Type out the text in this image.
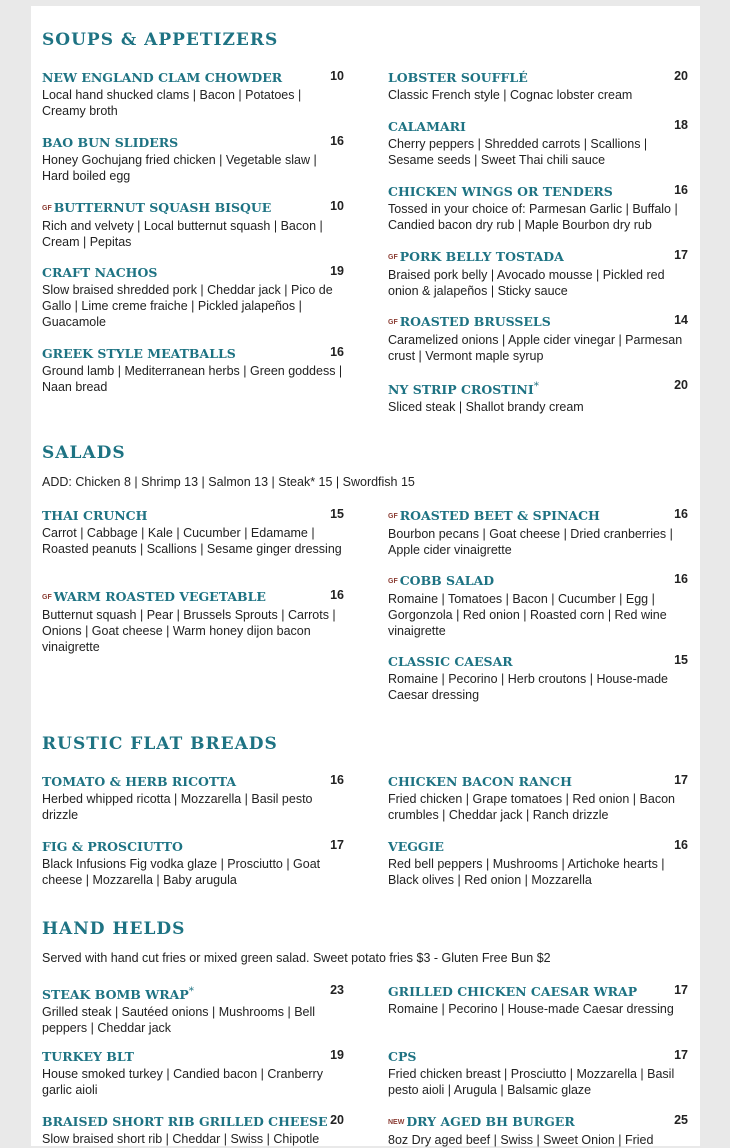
SOUPS & APPETIZERS
SALADS

ADD: Chicken 8 | Shrimp 13 | Salmon 13 | Steak* 15 | Swordfish 15

RUSTIC FLAT BREADS
HAND HELDS

Served with hand cut fries or mixed green salad. Sweet potato fries $3 - Gluten Free Bun $2

NEW ENGLAND CLAM CHOWDER	10
Local hand shucked clams | Bacon | Potatoes | Creamy broth
BAO BUN SLIDERS	16
Honey Gochujang fried chicken | Vegetable slaw | Hard boiled egg
GF BUTTERNUT SQUASH BISQUE	10
Rich and velvety | Local butternut squash | Bacon | Cream | Pepitas
CRAFT NACHOS	19
Slow braised shredded pork | Cheddar jack | Pico de Gallo | Lime creme fraiche | Pickled jalapeños | Guacamole
GREEK STYLE MEATBALLS	16
Ground lamb | Mediterranean herbs | Green goddess | Naan bread
LOBSTER SOUFFLÉ	20
Classic French style | Cognac lobster cream
CALAMARI	18
Cherry peppers | Shredded carrots | Scallions | Sesame seeds | Sweet Thai chili sauce
CHICKEN WINGS OR TENDERS	16
Tossed in your choice of: Parmesan Garlic | Buffalo | Candied bacon dry rub | Maple Bourbon dry rub
GF PORK BELLY TOSTADA	17
Braised pork belly | Avocado mousse | Pickled red onion & jalapeños | Sticky sauce
GF ROASTED BRUSSELS	14
Caramelized onions | Apple cider vinegar | Parmesan crust | Vermont maple syrup
NY STRIP CROSTINI*	20
Sliced steak | Shallot brandy cream
THAI CRUNCH	15
Carrot | Cabbage | Kale | Cucumber | Edamame | Roasted peanuts | Scallions | Sesame ginger dressing
GF WARM ROASTED VEGETABLE	16
Butternut squash | Pear | Brussels Sprouts | Carrots | Onions | Goat cheese | Warm honey dijon bacon vinaigrette
GF ROASTED BEET & SPINACH	16
Bourbon pecans | Goat cheese | Dried cranberries | Apple cider vinaigrette
GF COBB SALAD	16
Romaine | Tomatoes | Bacon | Cucumber | Egg | Gorgonzola | Red onion | Roasted corn | Red wine vinaigrette
CLASSIC CAESAR	15
Romaine | Pecorino | Herb croutons | House-made Caesar dressing
TOMATO & HERB RICOTTA	16
Herbed whipped ricotta | Mozzarella | Basil pesto drizzle
FIG & PROSCIUTTO	17
Black Infusions Fig vodka glaze | Prosciutto | Goat cheese | Mozzarella | Baby arugula
CHICKEN BACON RANCH	17
Fried chicken | Grape tomatoes | Red onion | Bacon crumbles | Cheddar jack | Ranch drizzle
VEGGIE	16
Red bell peppers | Mushrooms | Artichoke hearts | Black olives | Red onion | Mozzarella
STEAK BOMB WRAP*	23
Grilled steak | Sautéed onions | Mushrooms | Bell peppers | Cheddar jack
TURKEY BLT	19
House smoked turkey | Candied bacon | Cranberry garlic aioli
BRAISED SHORT RIB GRILLED CHEESE 20
Slow braised short rib | Cheddar | Swiss | Chipotle
GRILLED CHICKEN CAESAR WRAP	17
Romaine | Pecorino | House-made Caesar dressing
CPS	17
Fried chicken breast | Prosciutto | Mozzarella | Basil pesto aioli | Arugula | Balsamic glaze
NEW DRY AGED BH BURGER	25
8oz Dry aged beef | Swiss | Sweet Onion | Fried
